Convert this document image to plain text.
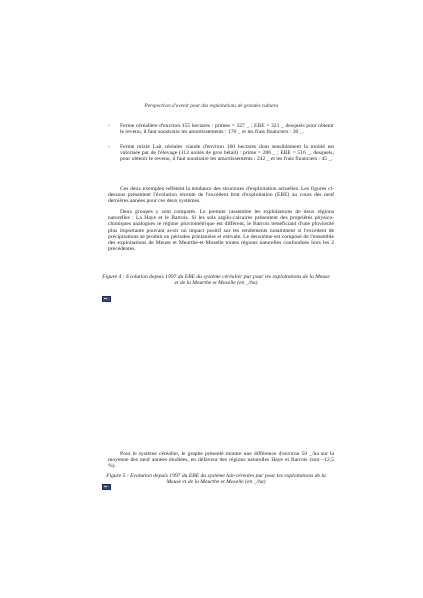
Perspectives d'avenir pour des exploitations de grandes cultures
- Ferme céréalière d'environ 155 hectares : primes = 327 _ ; EBE = 321 _ desquels pour obtenir le revenu, il faut soustraire les amortissements : 170 _ et les frais financiers : 30 _.
- Ferme mixte Lait céréales viande d'environ 160 hectares dont sensiblement la moitié est valorisée par de l'élevage (112 unités de gros bétail) : prime = 286 _ ; EBE = 516 _, desquels, pour obtenir le revenu, il faut soustraire les amortissements : 242 _ et les frais financiers : 45 _.
Ces deux exemples reflètent la tendance des structures d'exploitation actuelles. Les figures ci-dessous présentent l'évolution récente de l'excédent brut d'exploitation (EBE) au cours des neuf dernières années pour ces deux systèmes.
Deux groupes y sont comparés. Le premier rassemble les exploitations de deux régions naturelles : La Haye et le Barrois. Si les sols argilo-calcaires présentent des propriétés physico-chimiques analogues le régime pluviométrique est différent, le Barrois bénéficiant d'une pluviosité plus importante pouvant avoir un impact positif sur les rendements notamment si l'excédent de précipitations se produit en périodes printanière et estivale. Le deuxième est composé de l'ensemble des exploitations de Meuse et Meurthe-et-Moselle toutes régions naturelles confondues hors les 2 précédentes.
Figure 4 : Evolution depuis 1997 du EBE du système céréalier pur pour les exploitations de la Meuse et de la Meurthe et Moselle (en _/ha)
Pour le système céréalier, le graphe présenté montre une différence d'environ 50 _/ha sur la moyenne des neuf années étudiées, en défaveur des régions naturelles Haye et Barrois (soit –12,5 %).
Figure 5 : Evolution depuis 1997 du EBE du système lait-céréales pur pour les exploitations de la Meuse et de la Meurthe et Moselle (en _/ha)
